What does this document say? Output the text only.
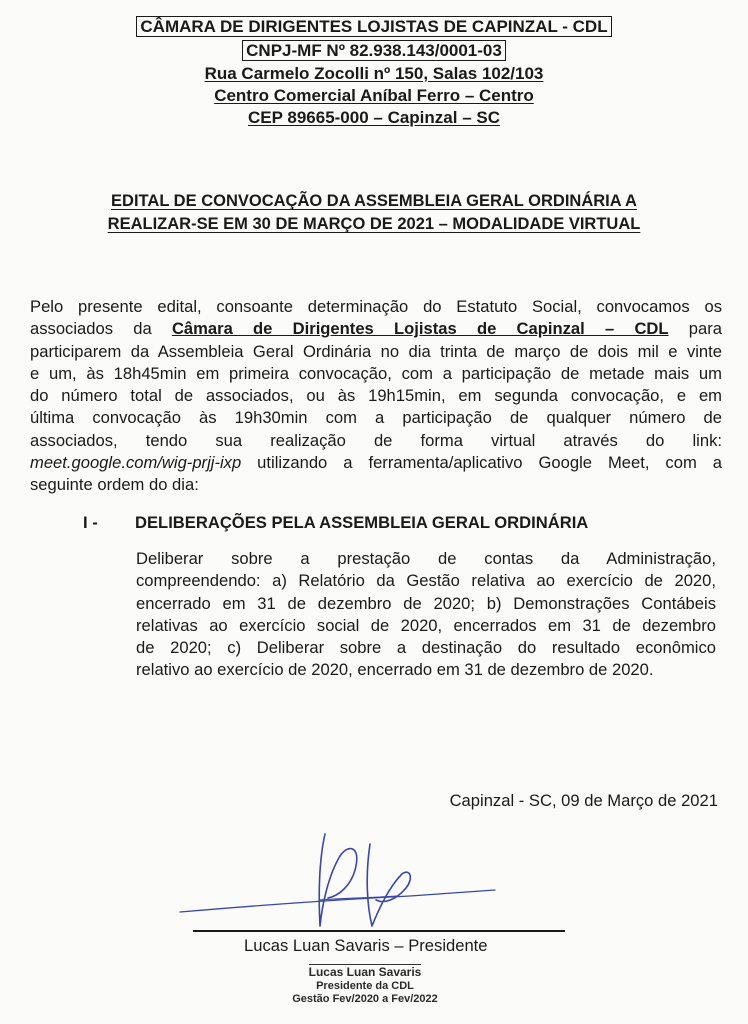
CÂMARA DE DIRIGENTES LOJISTAS DE CAPINZAL - CDL
CNPJ-MF Nº 82.938.143/0001-03
Rua Carmelo Zocolli nº 150, Salas 102/103
Centro Comercial Aníbal Ferro – Centro
CEP 89665-000 – Capinzal – SC
EDITAL DE CONVOCAÇÃO DA ASSEMBLEIA GERAL ORDINÁRIA A
REALIZAR-SE EM 30 DE MARÇO DE 2021 – MODALIDADE VIRTUAL
Pelo presente edital, consoante determinação do Estatuto Social, convocamos os
associados da Câmara de Dirigentes Lojistas de Capinzal – CDL para
participarem da Assembleia Geral Ordinária no dia trinta de março de dois mil e vinte
e um, às 18h45min em primeira convocação, com a participação de metade mais um
do número total de associados, ou às 19h15min, em segunda convocação, e em
última convocação às 19h30min com a participação de qualquer número de
associados, tendo sua realização de forma virtual através do link:
meet.google.com/wig-prjj-ixp utilizando a ferramenta/aplicativo Google Meet, com a
seguinte ordem do dia:
I - DELIBERAÇÕES PELA ASSEMBLEIA GERAL ORDINÁRIA
Deliberar sobre a prestação de contas da Administração,
compreendendo: a) Relatório da Gestão relativa ao exercício de 2020,
encerrado em 31 de dezembro de 2020; b) Demonstrações Contábeis
relativas ao exercício social de 2020, encerrados em 31 de dezembro
de 2020; c) Deliberar sobre a destinação do resultado econômico
relativo ao exercício de 2020, encerrado em 31 de dezembro de 2020.
Capinzal - SC, 09 de Março de 2021
Lucas Luan Savaris – Presidente
Lucas Luan Savaris
Presidente da CDL
Gestão Fev/2020 a Fev/2022
